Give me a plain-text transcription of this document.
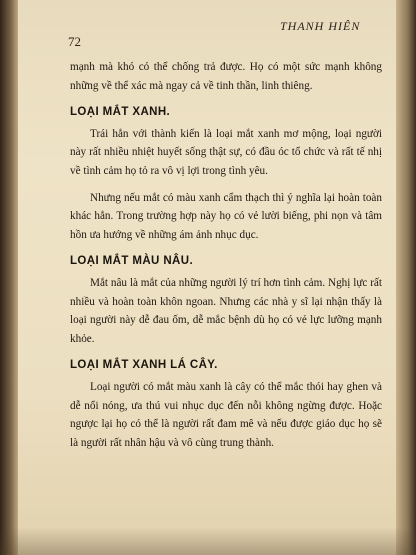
72
THANH HIÊN

mạnh mà khó có thể chống trả được. Họ có một sức mạnh không những về thể xác mà ngay cả về tinh thần, linh thiêng.

LOẠI MẮT XANH.

Trái hẳn với thành kiến là loại mắt xanh mơ mộng, loại người này rất nhiều nhiệt huyết sống thật sự, có đầu óc tổ chức và rất tế nhị về tình cảm họ tỏ ra vô vị lợi trong tình yêu.

Nhưng nếu mắt có màu xanh cẩm thạch thì ý nghĩa lại hoàn toàn khác hẳn. Trong trường hợp này họ có vẻ lười biếng, phi nọn và tâm hồn ưa hướng về những ám ảnh nhục dục.

LOẠI MẮT MÀU NÂU.

Mắt nâu là mắt của những người lý trí hơn tình cảm. Nghị lực rất nhiều và hoàn toàn khôn ngoan. Nhưng các nhà y sĩ lại nhận thấy là loại người này dễ đau ốm, dễ mắc bệnh dù họ có vẻ lực lưỡng mạnh khỏe.

LOẠI MẮT XANH LÁ CÂY.

Loại người có mắt màu xanh là cây có thể mắc thói hay ghen và dễ nổi nóng, ưa thú vui nhục dục đến nỗi không ngừng được. Hoặc ngược lại họ có thể là người rất đam mê và nếu được giáo dục họ sẽ là người rất nhân hậu và vô cùng trung thành.
